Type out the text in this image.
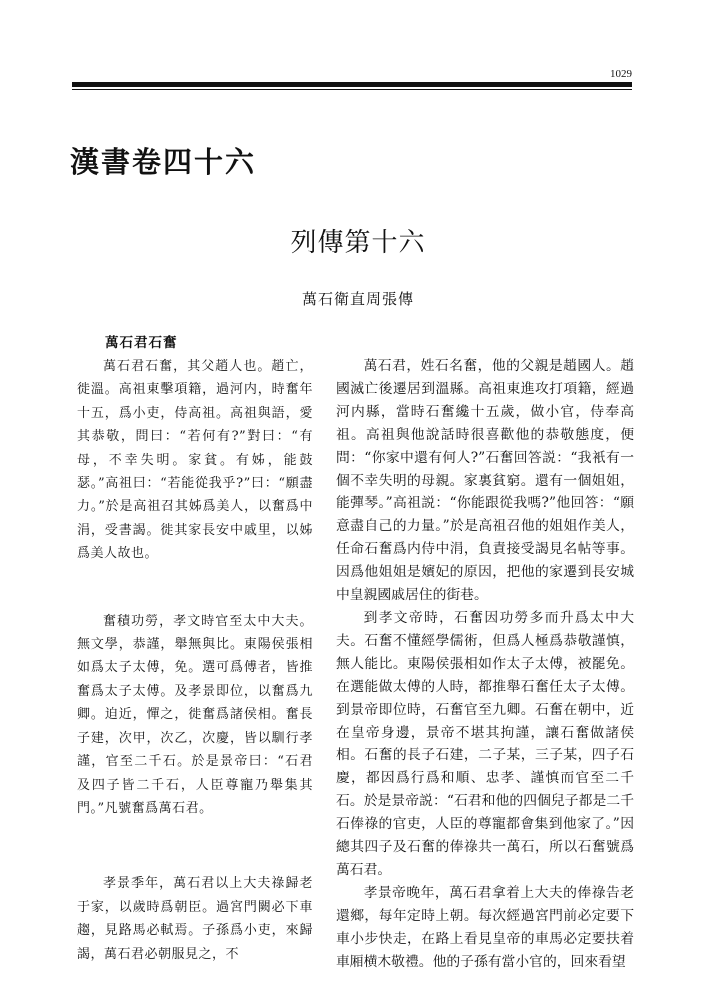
1029
漢書卷四十六
列傳第十六
萬石衛直周張傳
萬石君石奮

萬石君石奮，其父趙人也。趙亡，徙溫。高祖東擊項籍，過河内，時奮年十五，爲小吏，侍高祖。高祖與語，愛其恭敬，問曰：“若何有?”對曰：“有母，不幸失明。家貧。有姊，能鼓瑟。”高祖曰：“若能從我乎?”曰：“願盡力。”於是高祖召其姊爲美人，以奮爲中涓，受書謁。徙其家長安中戚里，以姊爲美人故也。

奮積功勞，孝文時官至太中大夫。無文學，恭謹，舉無與比。東陽侯張相如爲太子太傅，免。選可爲傅者，皆推奮爲太子太傅。及孝景即位，以奮爲九卿。迫近，憚之，徙奮爲諸侯相。奮長子建，次甲，次乙，次慶，皆以馴行孝謹，官至二千石。於是景帝曰：“石君及四子皆二千石，人臣尊寵乃舉集其門。”凡號奮爲萬石君。

孝景季年，萬石君以上大夫祿歸老于家，以歲時爲朝臣。過宮門闕必下車趨，見路馬必軾焉。子孫爲小吏，來歸謁，萬石君必朝服見之，不

萬石君，姓石名奮，他的父親是趙國人。趙國滅亡後遷居到溫縣。高祖東進攻打項籍，經過河内縣，當時石奮纔十五歲，做小官，侍奉高祖。高祖與他說話時很喜歡他的恭敬態度，便問：“你家中還有何人?”石奮回答説：“我衹有一個不幸失明的母親。家裏貧窮。還有一個姐姐，能彈琴。”高祖説：“你能跟從我嗎?”他回答：“願意盡自己的力量。”於是高祖召他的姐姐作美人，任命石奮爲内侍中涓，負責接受謁見名帖等事。因爲他姐姐是嬪妃的原因，把他的家遷到長安城中皇親國戚居住的街巷。

到孝文帝時，石奮因功勞多而升爲太中大夫。石奮不懂經學儒術，但爲人極爲恭敬謹慎，無人能比。東陽侯張相如作太子太傅，被罷免。在選能做太傅的人時，都推舉石奮任太子太傅。到景帝即位時，石奮官至九卿。石奮在朝中，近在皇帝身邊，景帝不堪其拘謹，讓石奮做諸侯相。石奮的長子石建，二子某，三子某，四子石慶，都因爲行爲和順、忠孝、謹慎而官至二千石。於是景帝説：“石君和他的四個兒子都是二千石俸祿的官吏，人臣的尊寵都會集到他家了。”因總其四子及石奮的俸祿共一萬石，所以石奮號爲萬石君。

孝景帝晚年，萬石君拿着上大夫的俸祿告老還鄉，每年定時上朝。每次經過宮門前必定要下車小步快走，在路上看見皇帝的車馬必定要扶着車厢横木敬禮。他的子孫有當小官的，回來看望
